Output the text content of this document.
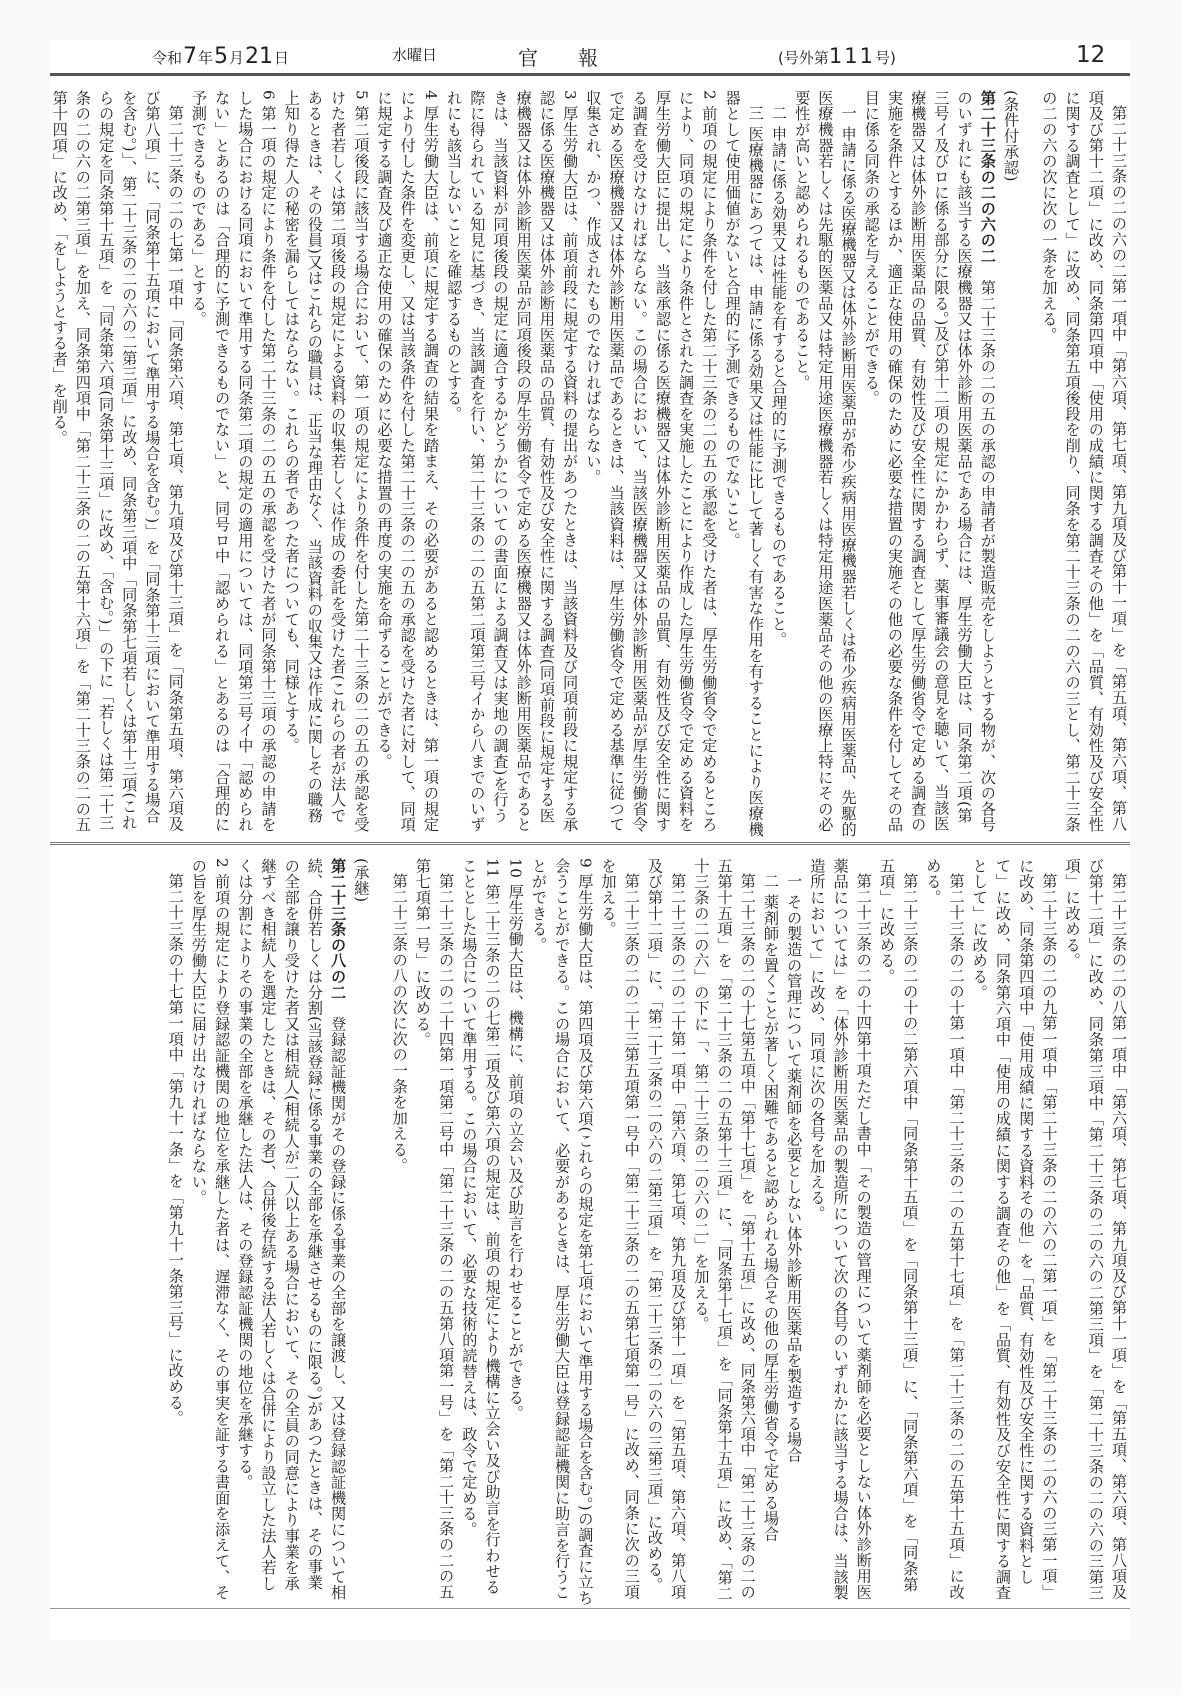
令和7年5月21日	水曜日	官報	(号外第111号)	12

第二十三条の二の六の二第一項中「第六項、第七項、第九項及び第十一項」を「第五項、第六項、第八項及び第十二項」に改め、同条第四項中「使用の成績に関する調査その他」を「品質、有効性及び安全性に関する調査として」に改め、同条第五項後段を削り、同条を第二十三条の二の六の三とし、第二十三条の二の六の次に次の一条を加える。

(条件付承認)

第二十三条の二の六の二　第二十三条の二の五の承認の申請者が製造販売をしようとする物が、次の各号のいずれにも該当する医療機器又は体外診断用医薬品である場合には、厚生労働大臣は、同条第二項(第三号イ及びロに係る部分に限る。)及び第十二項の規定にかかわらず、薬事審議会の意見を聴いて、当該医療機器又は体外診断用医薬品の品質、有効性及び安全性に関する調査として厚生労働省令で定める調査の実施を条件とするほか、適正な使用の確保のために必要な措置の実施その他の必要な条件を付してその品目に係る同条の承認を与えることができる。

一 申請に係る医療機器又は体外診断用医薬品が希少疾病用医療機器若しくは希少疾病用医薬品、先駆的医療機器若しくは先駆的医薬品又は特定用途医療機器若しくは特定用途医薬品その他の医療上特にその必要性が高いと認められるものであること。

二 申請に係る効果又は性能を有すると合理的に予測できるものであること。

三 医療機器にあつては、申請に係る効果又は性能に比して著しく有害な作用を有することにより医療機器として使用価値がないと合理的に予測できるものでないこと。

2 前項の規定により条件を付した第二十三条の二の五の承認を受けた者は、厚生労働省令で定めるところにより、同項の規定により条件とされた調査を実施したことにより作成した厚生労働省令で定める資料を厚生労働大臣に提出し、当該承認に係る医療機器又は体外診断用医薬品の品質、有効性及び安全性に関する調査を受けなければならない。この場合において、当該医療機器又は体外診断用医薬品が厚生労働省令で定める医療機器又は体外診断用医薬品であるときは、当該資料は、厚生労働省令で定める基準に従つて収集され、かつ、作成されたものでなければならない。

3 厚生労働大臣は、前項前段に規定する資料の提出があつたときは、当該資料及び同項前段に規定する承認に係る医療機器又は体外診断用医薬品の品質、有効性及び安全性に関する調査(同項前段に規定する医療機器又は体外診断用医薬品が同項後段の厚生労働省令で定める医療機器又は体外診断用医薬品であるときは、当該資料が同項後段の規定に適合するかどうかについての書面による調査又は実地の調査)を行う際に得られている知見に基づき、当該調査を行い、第二十三条の二の五第二項第三号イから八までのいずれにも該当しないことを確認するものとする。

4 厚生労働大臣は、前項に規定する調査の結果を踏まえ、その必要があると認めるときは、第一項の規定により付した条件を変更し、又は当該条件を付した第二十三条の二の五の承認を受けた者に対して、同項に規定する調査及び適正な使用の確保のために必要な措置の再度の実施を命ずることができる。

5 第二項後段に該当する場合において、第一項の規定により条件を付した第二十三条の二の五の承認を受けた者若しくは第二項後段の規定による資料の収集若しくは作成の委託を受けた者(これらの者が法人であるときは、その役員)又はこれらの職員は、正当な理由なく、当該資料の収集又は作成に関しその職務上知り得た人の秘密を漏らしてはならない。これらの者であつた者についても、同様とする。

6 第一項の規定により条件を付した第二十三条の二の五の承認を受けた者が同条第十三項の承認の申請をした場合における同項において準用する同条第二項の規定の適用については、同項第三号イ中「認められない」とあるのは「合理的に予測できるものでない」と、同号ロ中「認められる」とあるのは「合理的に予測できるものである」とする。

第二十三条の二の七第一項中「同条第六項、第七項、第九項及び第十三項」を「同条第五項、第六項及び第八項」に、「同条第十五項において準用する場合を含む。)」を「同条第十三項において準用する場合を含む。)」、第二十三条の二の六の二第三項」に改め、同条第三項中「同条第七項若しくは第十三項(これらの規定を同条第十五項」を「同条第六項(同条第十三項」に改め、「含む。)」の下に「若しくは第二十三条の二の六の二第三項」を加え、同条第四項中「第二十三条の二の五第十六項」を「第二十三条の二の五第十四項」に改め、「をしようとする者」を削る。

第二十三条の二の八第一項中「第六項、第七項、第九項及び第十一項」を「第五項、第六項、第八項及び第十二項」に改め、同条第三項中「第二十三条の二の六の二第三項」を「第二十三条の二の六の三第三項」に改める。

第二十三条の二の九第一項中「第二十三条の二の六の二第一項」を「第二十三条の二の六の三第一項」に改め、同条第四項中「使用成績に関する資料その他」を「品質、有効性及び安全性に関する資料として」に改め、同条第六項中「使用の成績に関する調査その他」を「品質、有効性及び安全性に関する調査として」に改める。

第二十三条の二の十第一項中「第二十三条の二の五第十七項」を「第二十三条の二の五第十五項」に改める。

第二十三条の二の十の二第六項中「同条第十五項」を「同条第十三項」に、「同条第六項」を「同条第五項」に改める。

第二十三条の二の十四第十項ただし書中「その製造の管理について薬剤師を必要としない体外診断用医薬品については」を「体外診断用医薬品の製造所について次の各号のいずれかに該当する場合は、当該製造所において」に改め、同項に次の各号を加える。

一 その製造の管理について薬剤師を必要としない体外診断用医薬品を製造する場合

二 薬剤師を置くことが著しく困難であると認められる場合その他の厚生労働省令で定める場合

第二十三条の二の十七第五項中「第十七項」を「第十五項」に改め、同条第六項中「第二十三条の二の五第十五項」を「第二十三条の二の五第十三項」に、「同条第十七項」を「同条第十五項」に改め、「第二十三条の二の六」の下に「、第二十三条の二の六の二」を加える。

第二十三条の二の二十第一項中「第六項、第七項、第九項及び第十一項」を「第五項、第六項、第八項及び第十二項」に、「第二十三条の二の六の二第三項」を「第二十三条の二の六の三第三項」に改める。

第二十三条の二の二十三第五項第一号中「第二十三条の二の五第七項第一号」に改め、同条に次の三項を加える。

9 厚生労働大臣は、第四項及び第六項(これらの規定を第七項において準用する場合を含む。)の調査に立ち会うことができる。この場合において、必要があるときは、厚生労働大臣は登録認証機関に助言を行うことができる。

10 厚生労働大臣は、機構に、前項の立会い及び助言を行わせることができる。

11 第二十三条の二の七第二項及び第六項の規定は、前項の規定により機構に立会い及び助言を行わせることとした場合について準用する。この場合において、必要な技術的読替えは、政令で定める。

第二十三条の二の二十四第一項第二号中「第二十三条の二の五第八項第一号」を「第二十三条の二の五第七項第一号」に改める。

第二十三条の八の次に次の一条を加える。

(承継)

第二十三条の八の二　登録認証機関がその登録に係る事業の全部を譲渡し、又は登録認証機関について相続、合併若しくは分割(当該登録に係る事業の全部を承継させるものに限る。)があつたときは、その事業の全部を譲り受けた者又は相続人(相続人が二人以上ある場合において、その全員の同意により事業を承継すべき相続人を選定したときは、その者)、合併後存続する法人若しくは合併により設立した法人若しくは分割によりその事業の全部を承継した法人は、その登録認証機関の地位を承継する。

2 前項の規定により登録認証機関の地位を承継した者は、遅滞なく、その事実を証する書面を添えて、その旨を厚生労働大臣に届け出なければならない。

第二十三条の十七第一項中「第九十一条」を「第九十一条第三号」に改める。
